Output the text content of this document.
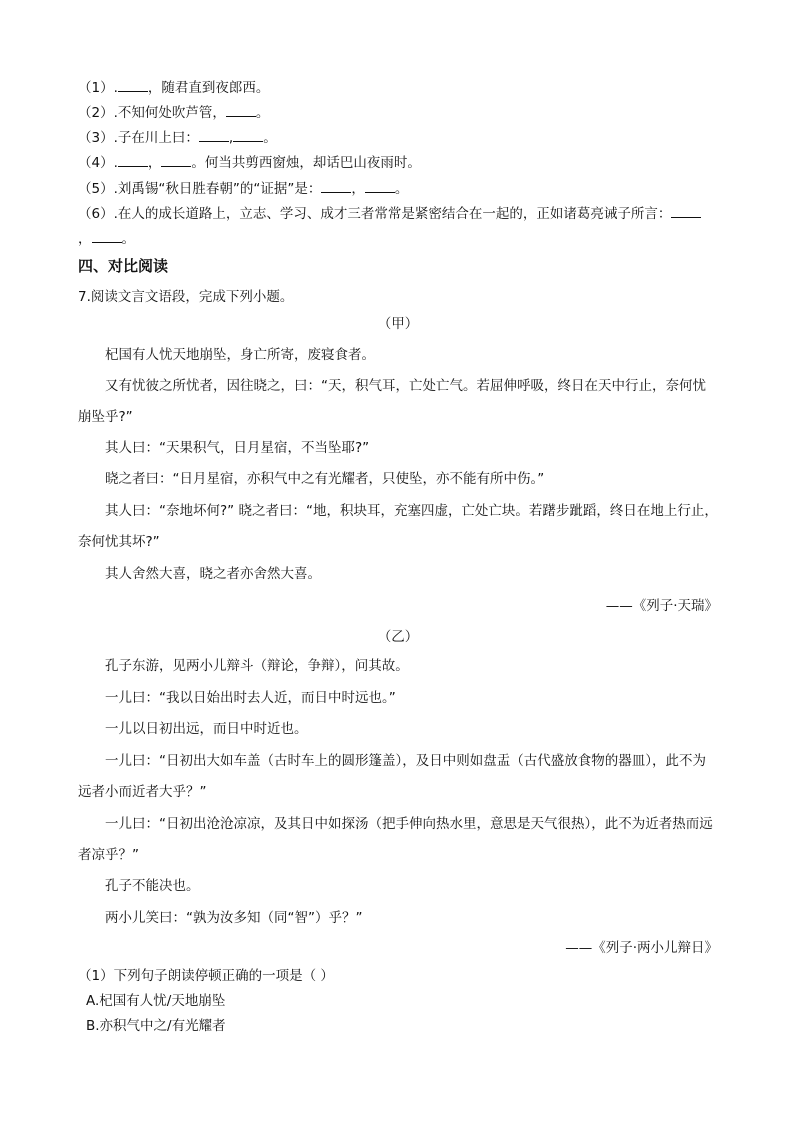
（1）. ，随君直到夜郎西。
（2）.不知何处吹芦管， 。
（3）.子在川上曰： , 。
（4）. ， 。何当共剪西窗烛，却话巴山夜雨时。
（5）.刘禹锡“秋日胜春朝”的“证据”是： ， 。
（6）.在人的成长道路上，立志、学习、成才三者常常是紧密结合在一起的，正如诸葛亮诫子所言：
， 。
四、对比阅读
7.阅读文言文语段，完成下列小题。
（甲）
杞国有人忧天地崩坠，身亡所寄，废寝食者。
又有忧彼之所忧者，因往晓之，曰：“天，积气耳，亡处亡气。若屈伸呼吸，终日在天中行止，奈何忧崩坠乎?”
其人曰：“天果积气，日月星宿，不当坠耶?”
晓之者曰：“日月星宿，亦积气中之有光耀者，只使坠，亦不能有所中伤。”
其人曰：“奈地坏何?” 晓之者曰：“地，积块耳，充塞四虚，亡处亡块。若躇步跐蹈，终日在地上行止，奈何忧其坏?”
其人舍然大喜，晓之者亦舍然大喜。
——《列子·天瑞》
（乙）
孔子东游，见两小儿辩斗（辩论，争辩），问其故。
一儿曰：“我以日始出时去人近，而日中时远也。”
一儿以日初出远，而日中时近也。
一儿曰：“日初出大如车盖（古时车上的圆形篷盖），及日中则如盘盂（古代盛放食物的器皿），此不为远者小而近者大乎？”
一儿曰：“日初出沧沧凉凉，及其日中如探汤（把手伸向热水里，意思是天气很热），此不为近者热而远者凉乎？”
孔子不能决也。
两小儿笑曰：“孰为汝多知（同“智”）乎？”
——《列子·两小儿辩日》
（1）下列句子朗读停顿正确的一项是（ ）
A.杞国有人忧/天地崩坠
B.亦积气中之/有光耀者
